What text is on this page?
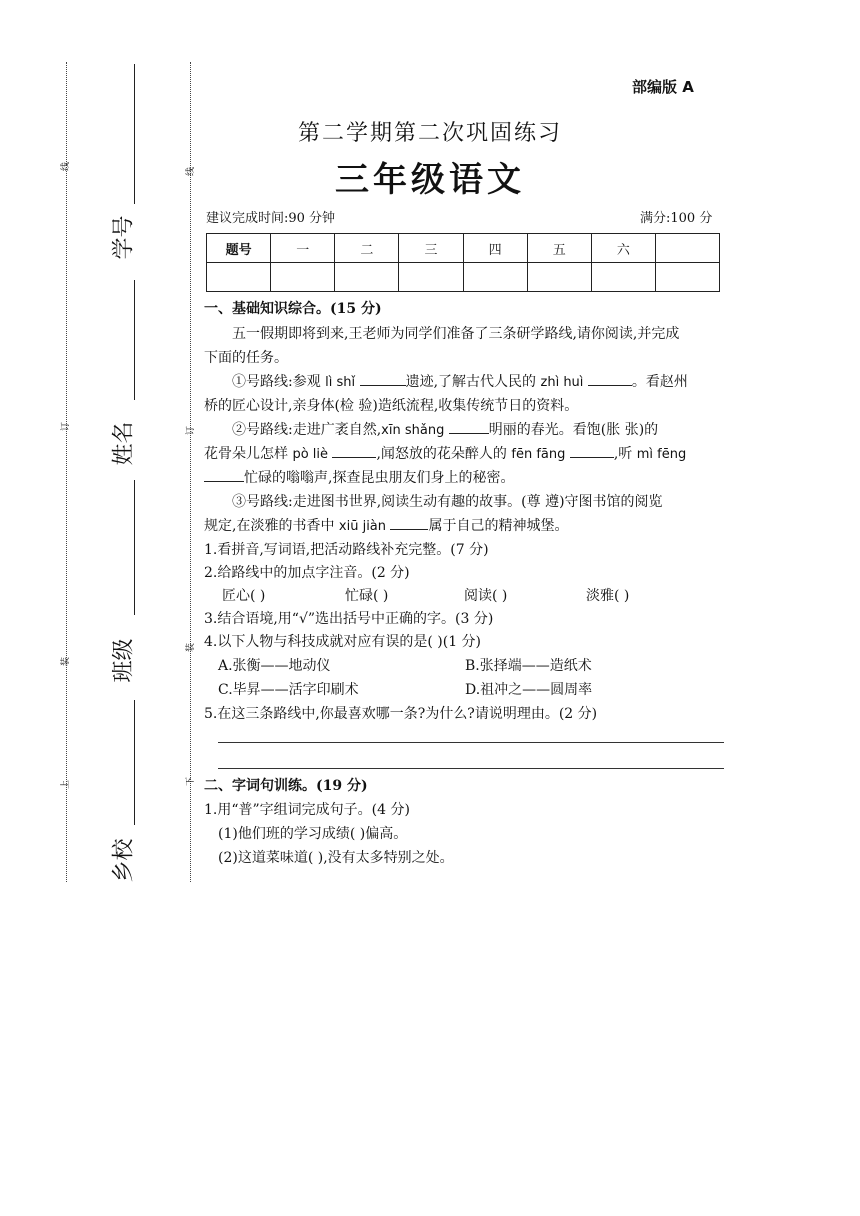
线
订
装
上
线
订
装
下
学号
姓名
班级
乡校
部编版 A
第二学期第二次巩固练习
三年级语文
建议完成时间:90 分钟	满分:100 分
题号	一	二	三	四	五	六	

一、基础知识综合。(15 分)
五一假期即将到来,王老师为同学们准备了三条研学路线,请你阅读,并完成
下面的任务。
①号路线:参观 lì shǐ	遗迹,了解古代人民的 zhì huì	。看赵州
桥的匠心设计,亲身体(检 验)造纸流程,收集传统节日的资料。
②号路线:走进广袤自然,xīn shǎng	明丽的春光。看饱(胀 张)的
花骨朵儿怎样 pò liè	,闻怒放的花朵醉人的 fēn fāng	,听 mì fēng
忙碌的嗡嗡声,探查昆虫朋友们身上的秘密。
③号路线:走进图书世界,阅读生动有趣的故事。(尊 遵)守图书馆的阅览
规定,在淡雅的书香中 xiū jiàn	属于自己的精神城堡。
1.看拼音,写词语,把活动路线补充完整。(7 分)
2.给路线中的加点字注音。(2 分)
匠心( )	忙碌( )	阅读( )	淡雅( )
3.结合语境,用“√”选出括号中正确的字。(3 分)
4.以下人物与科技成就对应有误的是( )(1 分)
A.张衡——地动仪	B.张择端——造纸术
C.毕昇——活字印刷术	D.祖冲之——圆周率
5.在这三条路线中,你最喜欢哪一条?为什么?请说明理由。(2 分)
二、字词句训练。(19 分)
1.用“普”字组词完成句子。(4 分)
(1)他们班的学习成绩( )偏高。
(2)这道菜味道( ),没有太多特别之处。
